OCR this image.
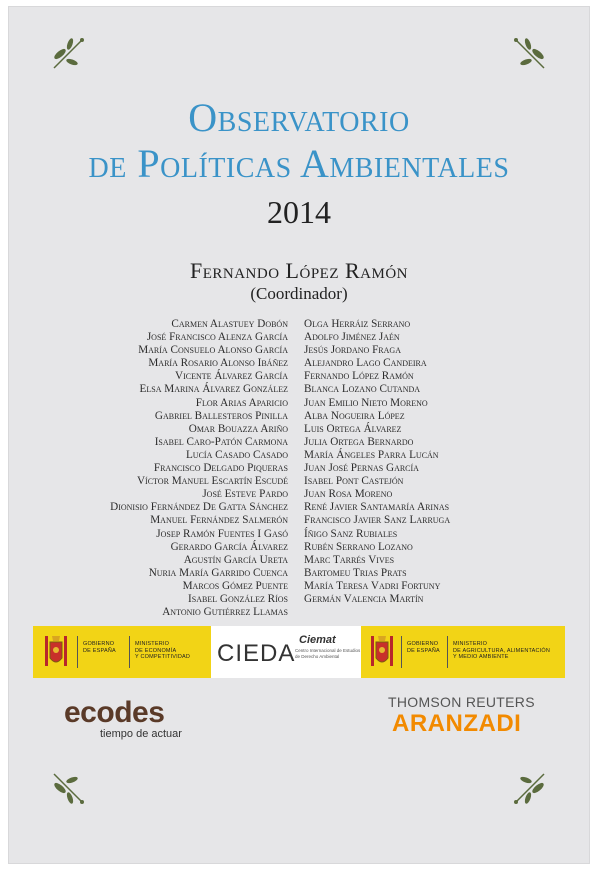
Observatorio
de Políticas Ambientales
2014
Fernando López Ramón
(Coordinador)
Carmen Alastuey Dobón
José Francisco Alenza García
María Consuelo Alonso García
María Rosario Alonso Ibáñez
Vicente Álvarez García
Elsa Marina Álvarez González
Flor Arias Aparicio
Gabriel Ballesteros Pinilla
Omar Bouazza Ariño
Isabel Caro-Patón Carmona
Lucía Casado Casado
Francisco Delgado Piqueras
Víctor Manuel Escartín Escudé
José Esteve Pardo
Dionisio Fernández De Gatta Sánchez
Manuel Fernández Salmerón
Josep Ramón Fuentes I Gasó
Gerardo García Álvarez
Agustín García Ureta
Nuria María Garrido Cuenca
Marcos Gómez Puente
Isabel González Ríos
Antonio Gutiérrez Llamas
Olga Herráiz Serrano
Adolfo Jiménez Jaén
Jesús Jordano Fraga
Alejandro Lago Candeira
Fernando López Ramón
Blanca Lozano Cutanda
Juan Emilio Nieto Moreno
Alba Nogueira López
Luis Ortega Álvarez
Julia Ortega Bernardo
María Ángeles Parra Lucán
Juan José Pernas García
Isabel Pont Castejón
Juan Rosa Moreno
René Javier Santamaría Arinas
Francisco Javier Sanz Larruga
Íñigo Sanz Rubiales
Rubén Serrano Lozano
Marc Tarrés Vives
Bartomeu Trias Prats
María Teresa Vadri Fortuny
Germán Valencia Martín
GOBIERNO
DE ESPAÑA
MINISTERIO
DE ECONOMÍA
Y COMPETITIVIDAD CIEDA Ciemat
Centro Internacional de Estudios de Derecho Ambiental
GOBIERNO
DE ESPAÑA
MINISTERIO
DE AGRICULTURA, ALIMENTACIÓN
Y MEDIO AMBIENTE
ecodes
tiempo de actuar
THOMSON REUTERS
ARANZADI
